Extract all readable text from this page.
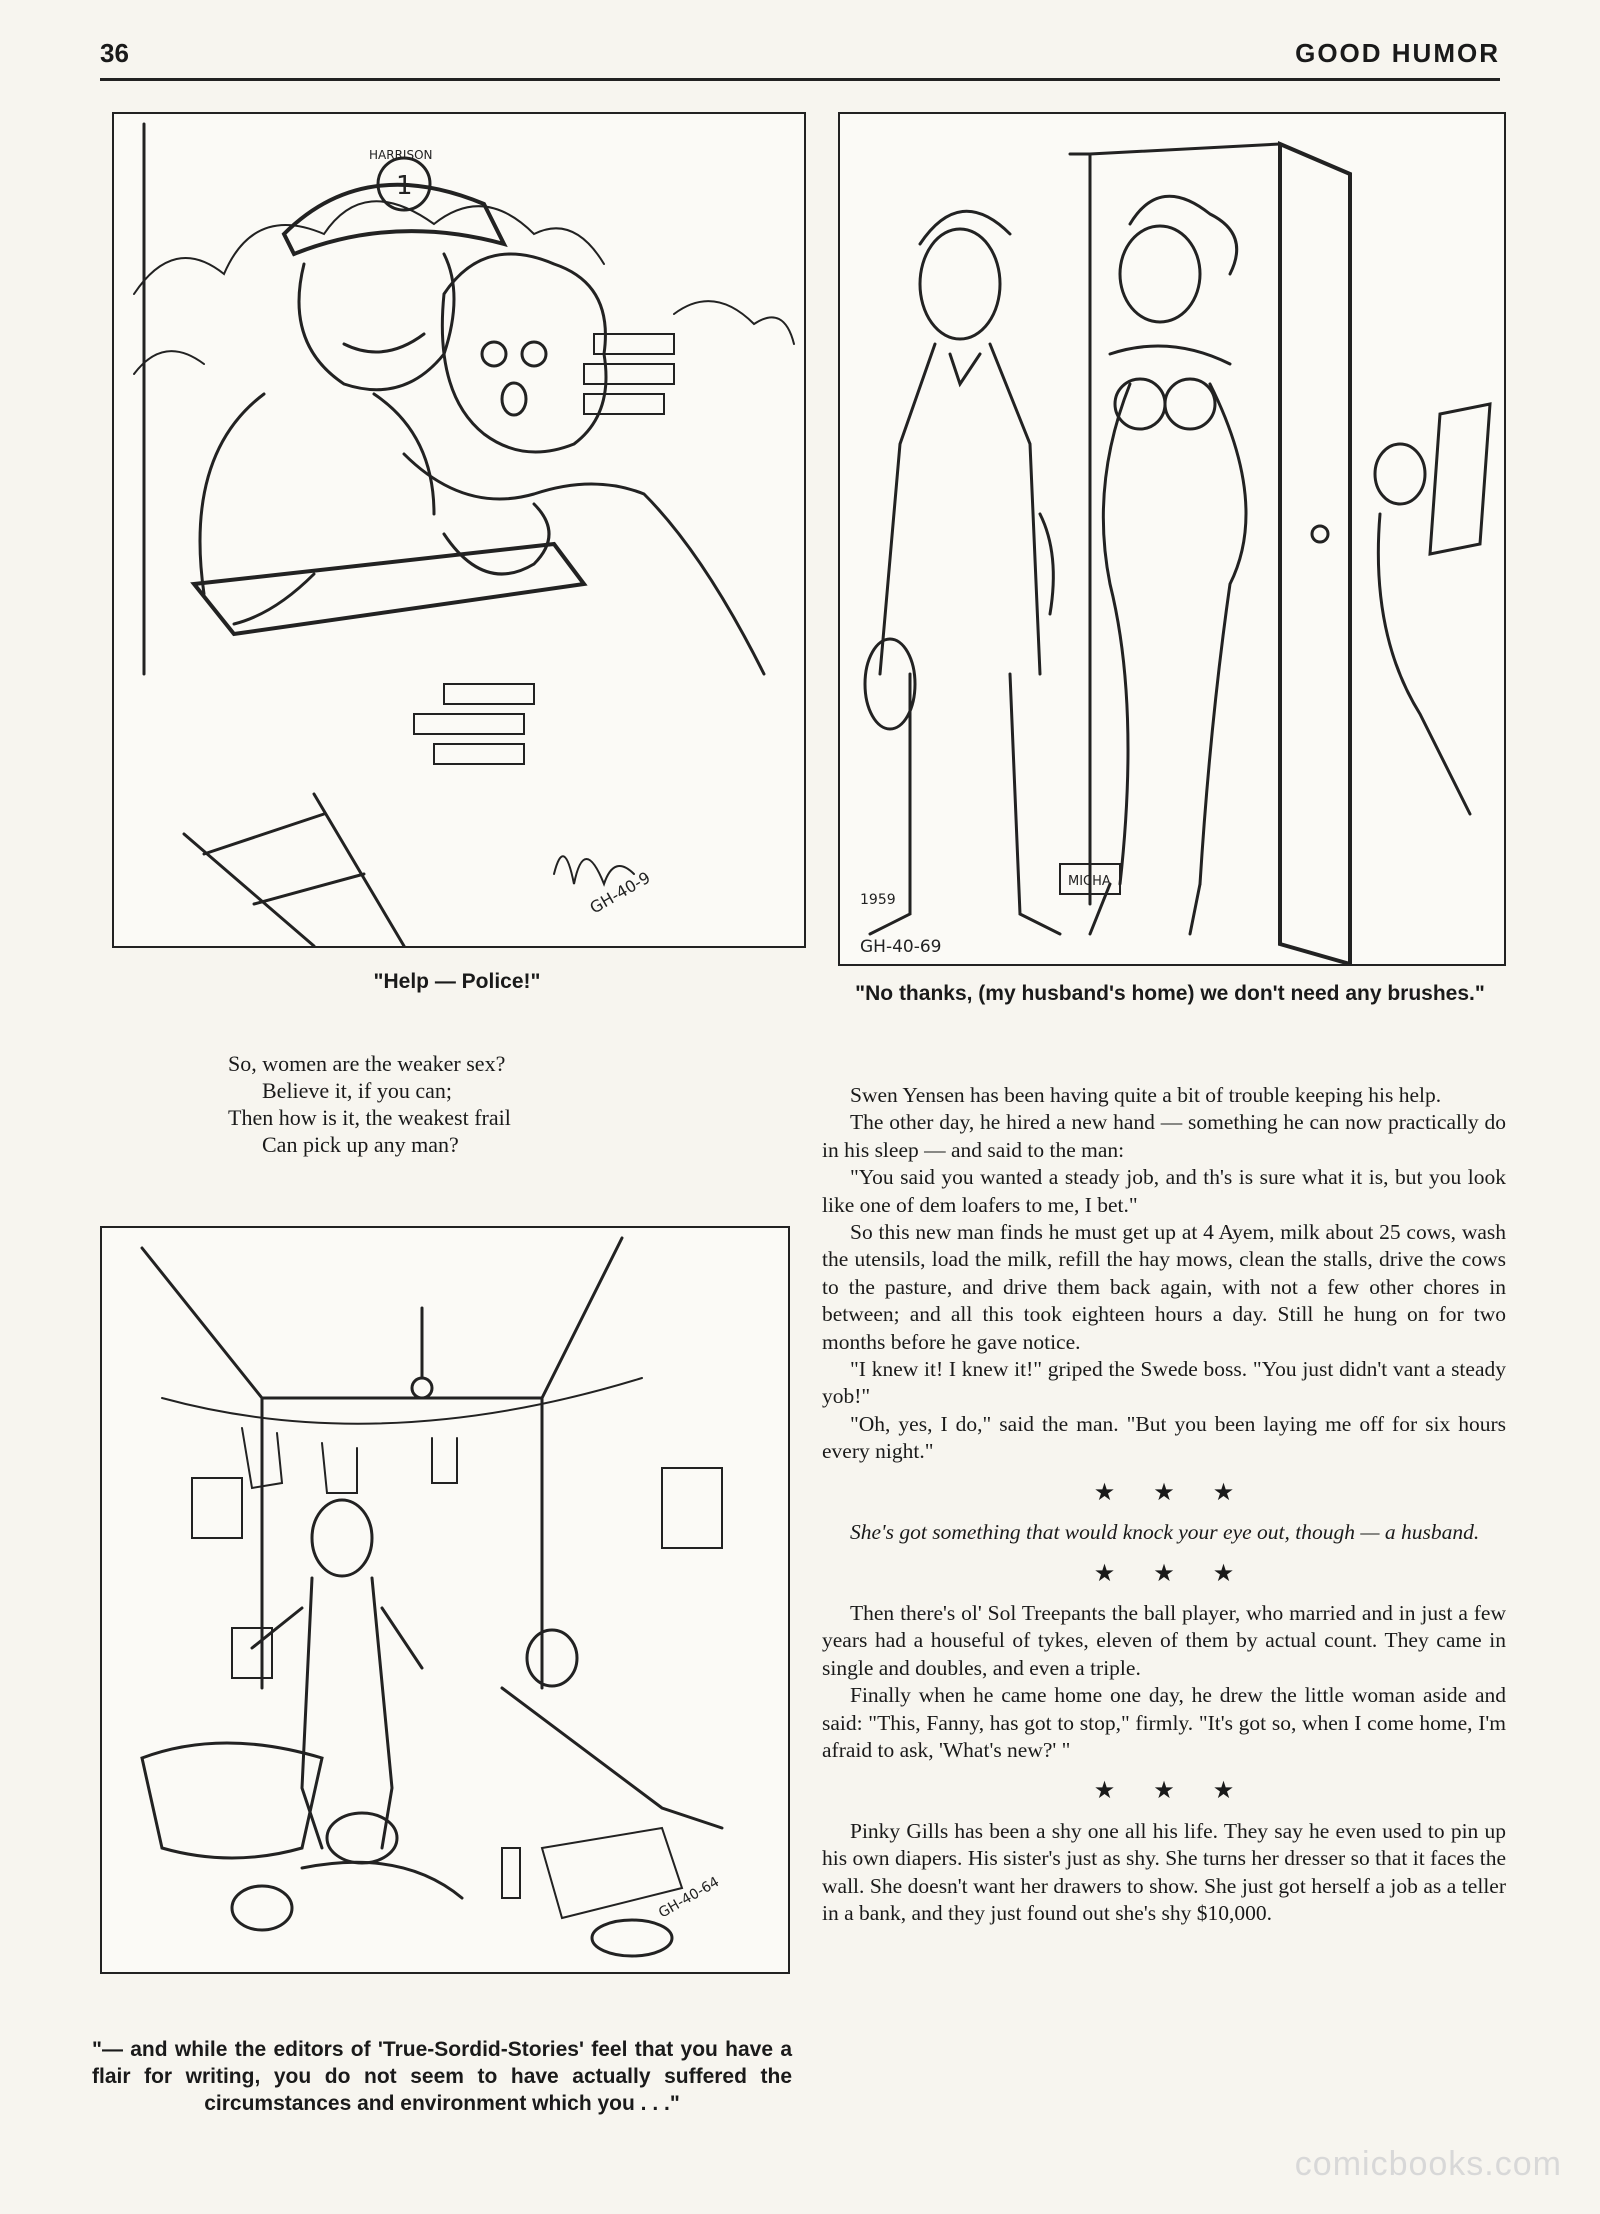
36	GOOD HUMOR
1
HARRISON
GH-40-9
"Help — Police!"
MICHA
1959
GH-40-69
"No thanks, (my husband's home) we don't need any brushes."
So, women are the weaker sex?
Believe it, if you can;
Then how is it, the weakest frail
Can pick up any man?
GH-40-64
"— and while the editors of 'True-Sordid-Stories' feel that you have a flair for writing, you do not seem to have actually suffered the circumstances and environment which you . . ."

Swen Yensen has been having quite a bit of trouble keeping his help.

The other day, he hired a new hand — something he can now practically do in his sleep — and said to the man:

"You said you wanted a steady job, and th's is sure what it is, but you look like one of dem loafers to me, I bet."

So this new man finds he must get up at 4 Ayem, milk about 25 cows, wash the utensils, load the milk, refill the hay mows, clean the stalls, drive the cows to the pasture, and drive them back again, with not a few other chores in between; and all this took eighteen hours a day. Still he hung on for two months before he gave notice.

"I knew it! I knew it!" griped the Swede boss. "You just didn't vant a steady yob!"

"Oh, yes, I do," said the man. "But you been laying me off for six hours every night."

★★★

She's got something that would knock your eye out, though — a husband.

★★★

Then there's ol' Sol Treepants the ball player, who married and in just a few years had a houseful of tykes, eleven of them by actual count. They came in single and doubles, and even a triple.

Finally when he came home one day, he drew the little woman aside and said: "This, Fanny, has got to stop," firmly. "It's got so, when I come home, I'm afraid to ask, 'What's new?' "

★★★

Pinky Gills has been a shy one all his life. They say he even used to pin up his own diapers. His sister's just as shy. She turns her dresser so that it faces the wall. She doesn't want her drawers to show. She just got herself a job as a teller in a bank, and they just found out she's shy $10,000.

comicbooks.com
